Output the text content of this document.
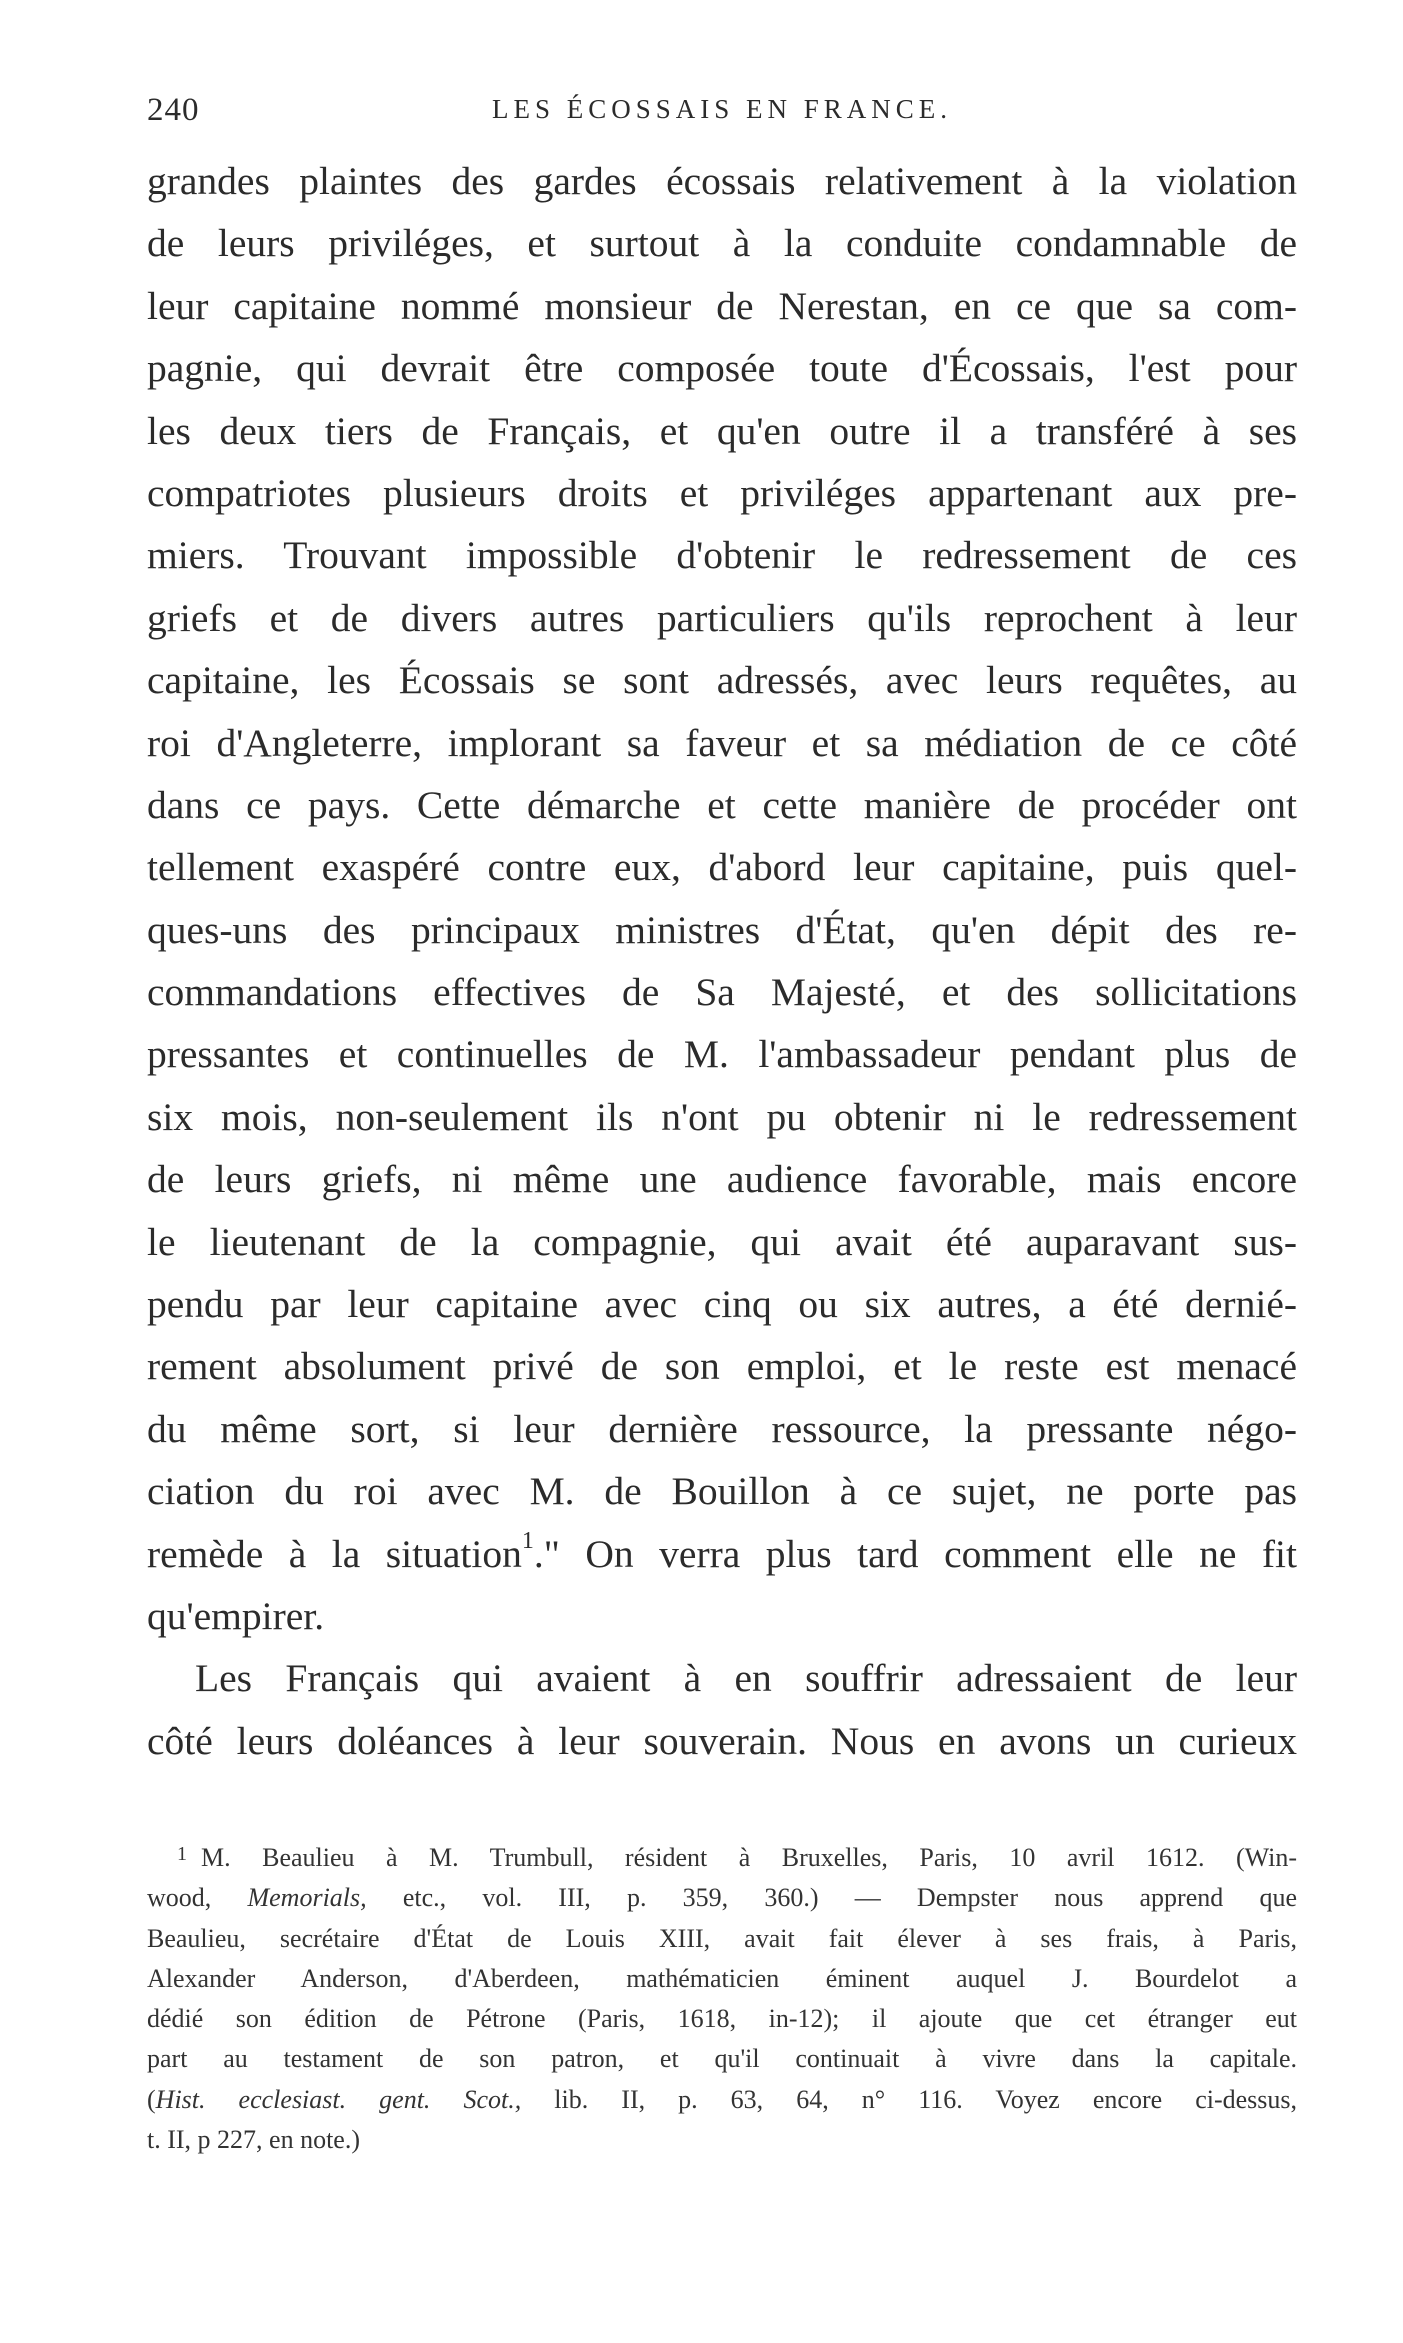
240	LES ÉCOSSAIS EN FRANCE.
grandes plaintes des gardes écossais relativement à la violation
de leurs priviléges, et surtout à la conduite condamnable de
leur capitaine nommé monsieur de Nerestan, en ce que sa com-
pagnie, qui devrait être composée toute d'Écossais, l'est pour
les deux tiers de Français, et qu'en outre il a transféré à ses
compatriotes plusieurs droits et priviléges appartenant aux pre-
miers. Trouvant impossible d'obtenir le redressement de ces
griefs et de divers autres particuliers qu'ils reprochent à leur
capitaine, les Écossais se sont adressés, avec leurs requêtes, au
roi d'Angleterre, implorant sa faveur et sa médiation de ce côté
dans ce pays. Cette démarche et cette manière de procéder ont
tellement exaspéré contre eux, d'abord leur capitaine, puis quel-
ques-uns des principaux ministres d'État, qu'en dépit des re-
commandations effectives de Sa Majesté, et des sollicitations
pressantes et continuelles de M. l'ambassadeur pendant plus de
six mois, non-seulement ils n'ont pu obtenir ni le redressement
de leurs griefs, ni même une audience favorable, mais encore
le lieutenant de la compagnie, qui avait été auparavant sus-
pendu par leur capitaine avec cinq ou six autres, a été dernié-
rement absolument privé de son emploi, et le reste est menacé
du même sort, si leur dernière ressource, la pressante négo-
ciation du roi avec M. de Bouillon à ce sujet, ne porte pas
remède à la situation$^1$." On verra plus tard comment elle ne fit
qu'empirer.
Les Français qui avaient à en souffrir adressaient de leur
côté leurs doléances à leur souverain. Nous en avons un curieux
$^1$ M. Beaulieu à M. Trumbull, résident à Bruxelles, Paris, 10 avril 1612. (Win-
wood, Memorials, etc., vol. III, p. 359, 360.) — Dempster nous apprend que
Beaulieu, secrétaire d'État de Louis XIII, avait fait élever à ses frais, à Paris,
Alexander Anderson, d'Aberdeen, mathématicien éminent auquel J. Bourdelot a
dédié son édition de Pétrone (Paris, 1618, in-12); il ajoute que cet étranger eut
part au testament de son patron, et qu'il continuait à vivre dans la capitale.
(Hist. ecclesiast. gent. Scot., lib. II, p. 63, 64, n° 116. Voyez encore ci-dessus,
t. II, p 227, en note.)
